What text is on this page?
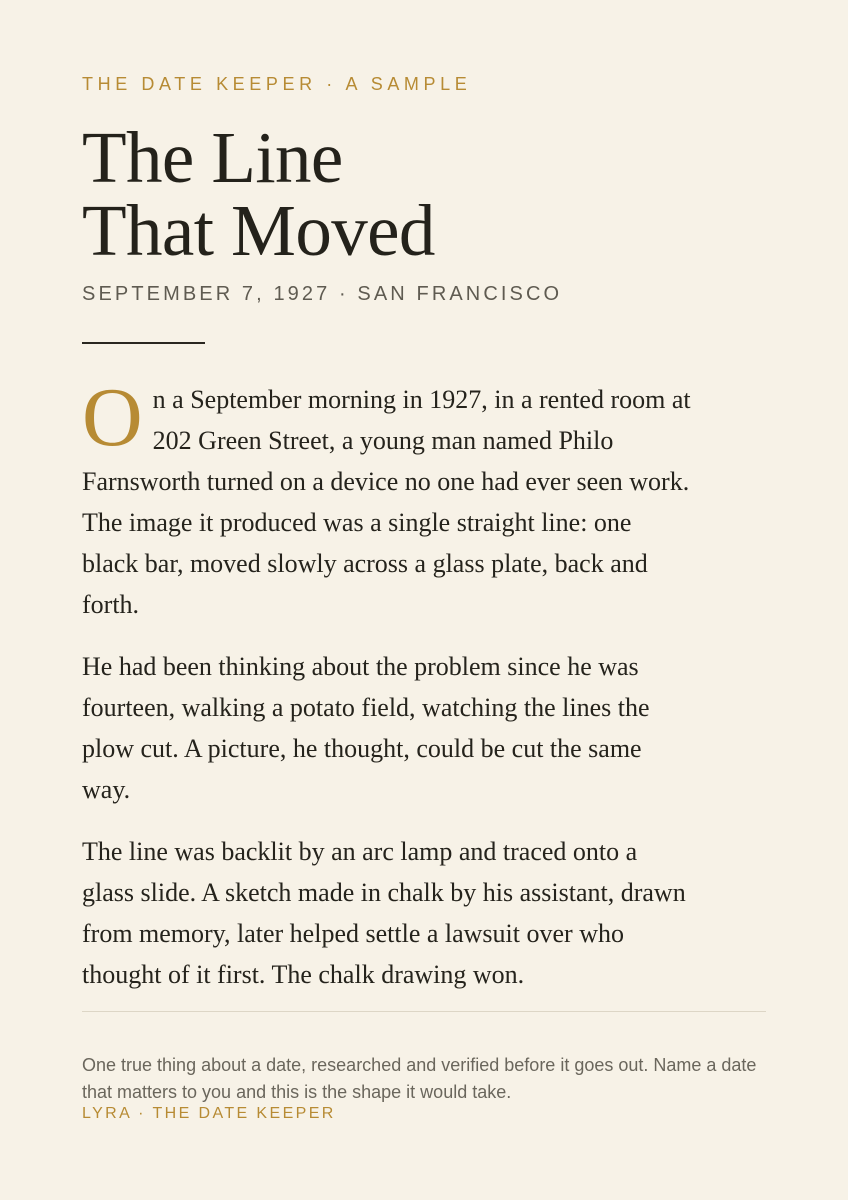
THE DATE KEEPER · A SAMPLE
The Line
That Moved
SEPTEMBER 7, 1927 · SAN FRANCISCO

On a September morning in 1927, in a rented room at 202 Green Street, a young man named Philo Farnsworth turned on a device no one had ever seen work. The image it produced was a single straight line: one black bar, moved slowly across a glass plate, back and forth.

He had been thinking about the problem since he was fourteen, walking a potato field, watching the lines the plow cut. A picture, he thought, could be cut the same way.

The line was backlit by an arc lamp and traced onto a glass slide. A sketch made in chalk by his assistant, drawn from memory, later helped settle a lawsuit over who thought of it first. The chalk drawing won.

One true thing about a date, researched and verified before it goes out. Name a date that matters to you and this is the shape it would take.

LYRA · THE DATE KEEPER
